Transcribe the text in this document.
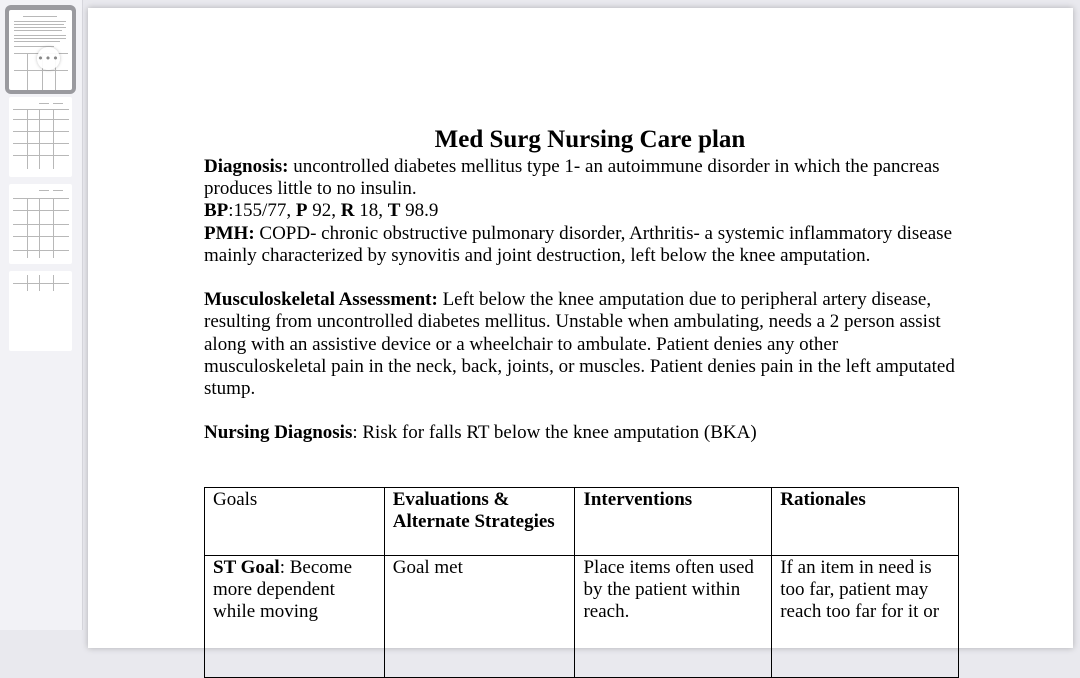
•••
Med Surg Nursing Care plan

Diagnosis: uncontrolled diabetes mellitus type 1- an autoimmune disorder in which the pancreas produces little to no insulin.

BP:155/77, P 92, R 18, T 98.9

PMH: COPD- chronic obstructive pulmonary disorder, Arthritis- a systemic inflammatory disease mainly characterized by synovitis and joint destruction, left below the knee amputation.

Musculoskeletal Assessment: Left below the knee amputation due to peripheral artery disease, resulting from uncontrolled diabetes mellitus. Unstable when ambulating, needs a 2 person assist along with an assistive device or a wheelchair to ambulate. Patient denies any other musculoskeletal pain in the neck, back, joints, or muscles. Patient denies pain in the left amputated stump.

Nursing Diagnosis: Risk for falls RT below the knee amputation (BKA)

Goals	Evaluations & Alternate Strategies	Interventions	Rationales
ST Goal: Become more dependent while moving	Goal met	Place items often used by the patient within reach.	If an item in need is too far, patient may reach too far for it or
